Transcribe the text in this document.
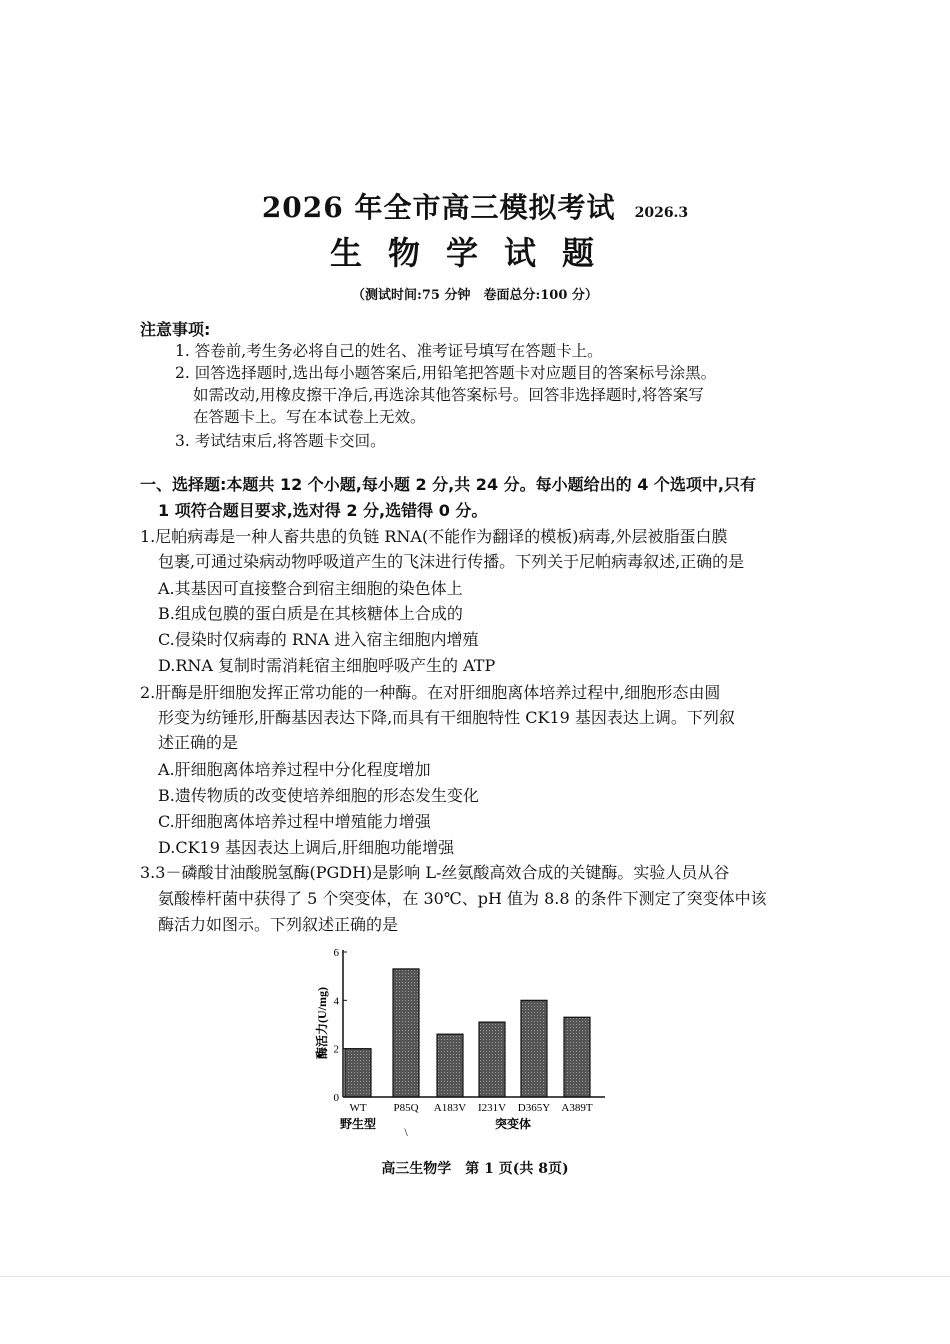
2026 年全市高三模拟考试 2026.3
生物学试题
（测试时间:75 分钟　卷面总分:100 分）
注意事项:
1. 答卷前,考生务必将自己的姓名、准考证号填写在答题卡上。
2. 回答选择题时,选出每小题答案后,用铅笔把答题卡对应题目的答案标号涂黑。
如需改动,用橡皮擦干净后,再选涂其他答案标号。回答非选择题时,将答案写
在答题卡上。写在本试卷上无效。
3. 考试结束后,将答题卡交回。
一、选择题:本题共 12 个小题,每小题 2 分,共 24 分。每小题给出的 4 个选项中,只有
1 项符合题目要求,选对得 2 分,选错得 0 分。
1.尼帕病毒是一种人畜共患的负链 RNA(不能作为翻译的模板)病毒,外层被脂蛋白膜
包裹,可通过染病动物呼吸道产生的飞沫进行传播。下列关于尼帕病毒叙述,正确的是
A.其基因可直接整合到宿主细胞的染色体上
B.组成包膜的蛋白质是在其核糖体上合成的
C.侵染时仅病毒的 RNA 进入宿主细胞内增殖
D.RNA 复制时需消耗宿主细胞呼吸产生的 ATP
2.肝酶是肝细胞发挥正常功能的一种酶。在对肝细胞离体培养过程中,细胞形态由圆
形变为纺锤形,肝酶基因表达下降,而具有干细胞特性 CK19 基因表达上调。下列叙
述正确的是
A.肝细胞离体培养过程中分化程度增加
B.遗传物质的改变使培养细胞的形态发生变化
C.肝细胞离体培养过程中增殖能力增强
D.CK19 基因表达上调后,肝细胞功能增强
3.3－磷酸甘油酸脱氢酶(PGDH)是影响 L-丝氨酸高效合成的关键酶。实验人员从谷
氨酸棒杆菌中获得了 5 个突变体，在 30℃、pH 值为 8.8 的条件下测定了突变体中该
酶活力如图示。下列叙述正确的是
0
2
4
6
WT P85Q A183V I231V D365Y A389T
酶活力(U/mg)
野生型
\
突变体
高三生物学　第 1 页(共 8页)
